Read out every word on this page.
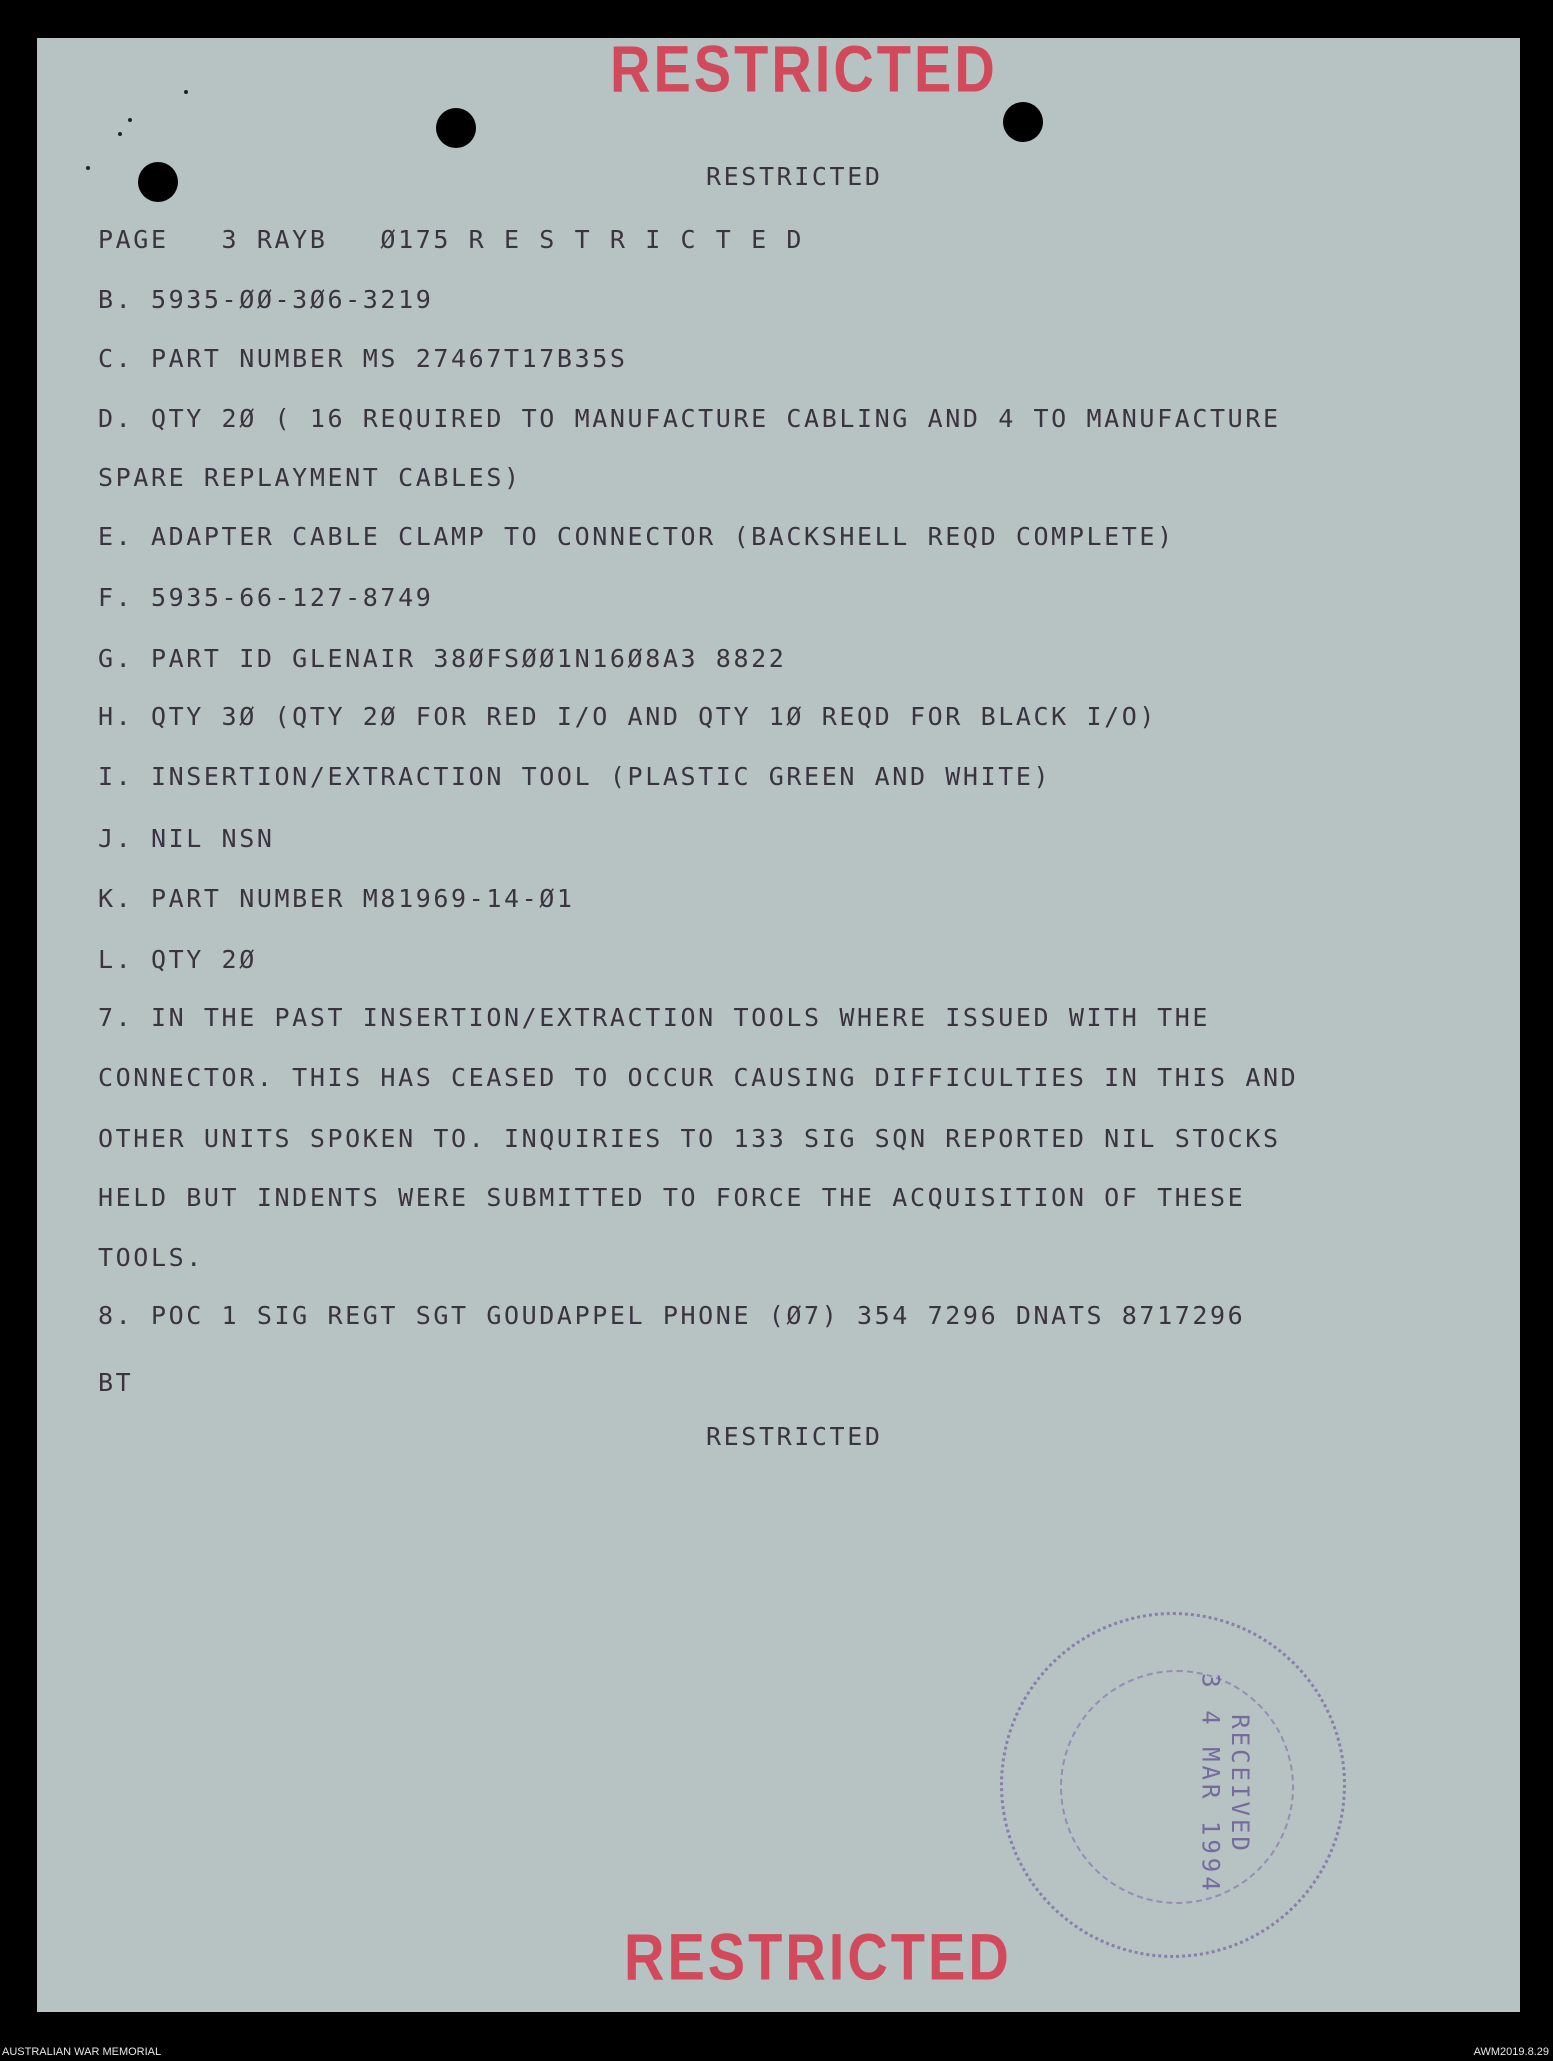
RESTRICTED
RESTRICTED
RESTRICTED
PAGE   3 RAYB   Ø175 R E S T R I C T E D
B. 5935-ØØ-3Ø6-3219
C. PART NUMBER MS 27467T17B35S
D. QTY 2Ø ( 16 REQUIRED TO MANUFACTURE CABLING AND 4 TO MANUFACTURE
SPARE REPLAYMENT CABLES)
E. ADAPTER CABLE CLAMP TO CONNECTOR (BACKSHELL REQD COMPLETE)
F. 5935-66-127-8749
G. PART ID GLENAIR 38ØFSØØ1N16Ø8A3 8822
H. QTY 3Ø (QTY 2Ø FOR RED I/O AND QTY 1Ø REQD FOR BLACK I/O)
I. INSERTION/EXTRACTION TOOL (PLASTIC GREEN AND WHITE)
J. NIL NSN
K. PART NUMBER M81969-14-Ø1
L. QTY 2Ø
7. IN THE PAST INSERTION/EXTRACTION TOOLS WHERE ISSUED WITH THE
CONNECTOR. THIS HAS CEASED TO OCCUR CAUSING DIFFICULTIES IN THIS AND
OTHER UNITS SPOKEN TO. INQUIRIES TO 133 SIG SQN REPORTED NIL STOCKS
HELD BUT INDENTS WERE SUBMITTED TO FORCE THE ACQUISITION OF THESE
TOOLS.
8. POC 1 SIG REGT SGT GOUDAPPEL PHONE (Ø7) 354 7296 DNATS 8717296
BT
RESTRICTED
3 4 MAR 1994 RECEIVED
AUSTRALIAN WAR MEMORIAL	AWM2019.8.29
